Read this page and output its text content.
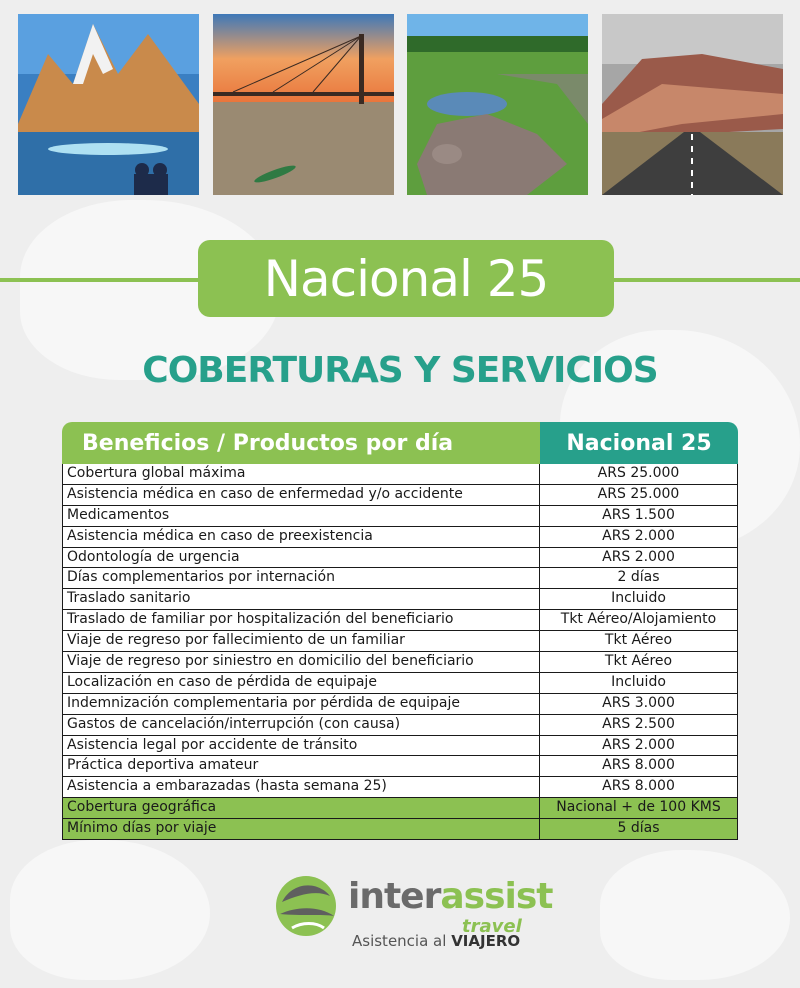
Nacional 25
COBERTURAS Y SERVICIOS
Beneficios / Productos por día	Nacional 25
Cobertura global máxima	ARS 25.000
Asistencia médica en caso de enfermedad y/o accidente	ARS 25.000
Medicamentos	ARS 1.500
Asistencia médica en caso de preexistencia	ARS 2.000
Odontología de urgencia	ARS 2.000
Días complementarios por internación	2 días
Traslado sanitario	Incluido
Traslado de familiar por hospitalización del beneficiario	Tkt Aéreo/Alojamiento
Viaje de regreso por fallecimiento de un familiar	Tkt Aéreo
Viaje de regreso por siniestro en domicilio del beneficiario	Tkt Aéreo
Localización en caso de pérdida de equipaje	Incluido
Indemnización complementaria por pérdida de equipaje	ARS 3.000
Gastos de cancelación/interrupción (con causa)	ARS 2.500
Asistencia legal por accidente de tránsito	ARS 2.000
Práctica deportiva amateur	ARS 8.000
Asistencia a embarazadas (hasta semana 25)	ARS 8.000
Cobertura geográfica	Nacional + de 100 KMS
Mínimo días por viaje	5 días
interassist
travel
Asistencia al VIAJERO
